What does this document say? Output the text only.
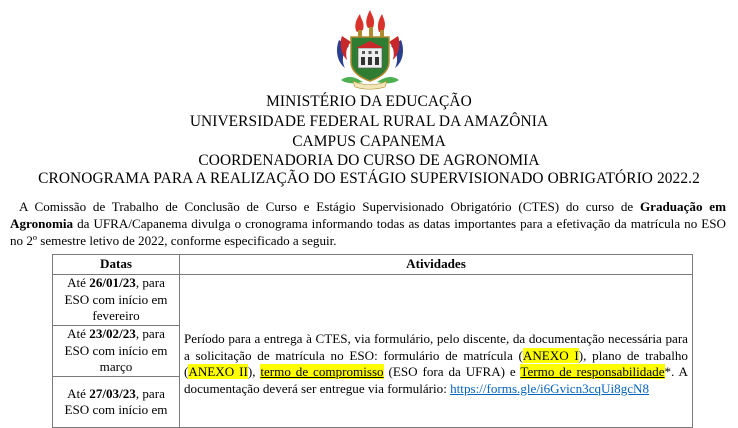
MINISTÉRIO DA EDUCAÇÃO
UNIVERSIDADE FEDERAL RURAL DA AMAZÔNIA
CAMPUS CAPANEMA
COORDENADORIA DO CURSO DE AGRONOMIA
CRONOGRAMA PARA A REALIZAÇÃO DO ESTÁGIO SUPERVISIONADO OBRIGATÓRIO 2022.2

A Comissão de Trabalho de Conclusão de Curso e Estágio Supervisionado Obrigatório (CTES) do curso de Graduação em Agronomia da UFRA/Capanema divulga o cronograma informando todas as datas importantes para a efetivação da matrícula no ESO no 2º semestre letivo de 2022, conforme especificado a seguir.

Datas	Atividades
Até 26/01/23, para ESO com início em fevereiro	Período para a entrega à CTES, via formulário, pelo discente, da documentação necessária para a solicitação de matrícula no ESO: formulário de matrícula (ANEXO I), plano de trabalho (ANEXO II), termo de compromisso (ESO fora da UFRA) e Termo de responsabilidade*. A documentação deverá ser entregue via formulário: https://forms.gle/i6Gvicn3cqUi8gcN8

Até 23/02/23, para ESO com início em março	
Até 27/03/23, para ESO com início em	
